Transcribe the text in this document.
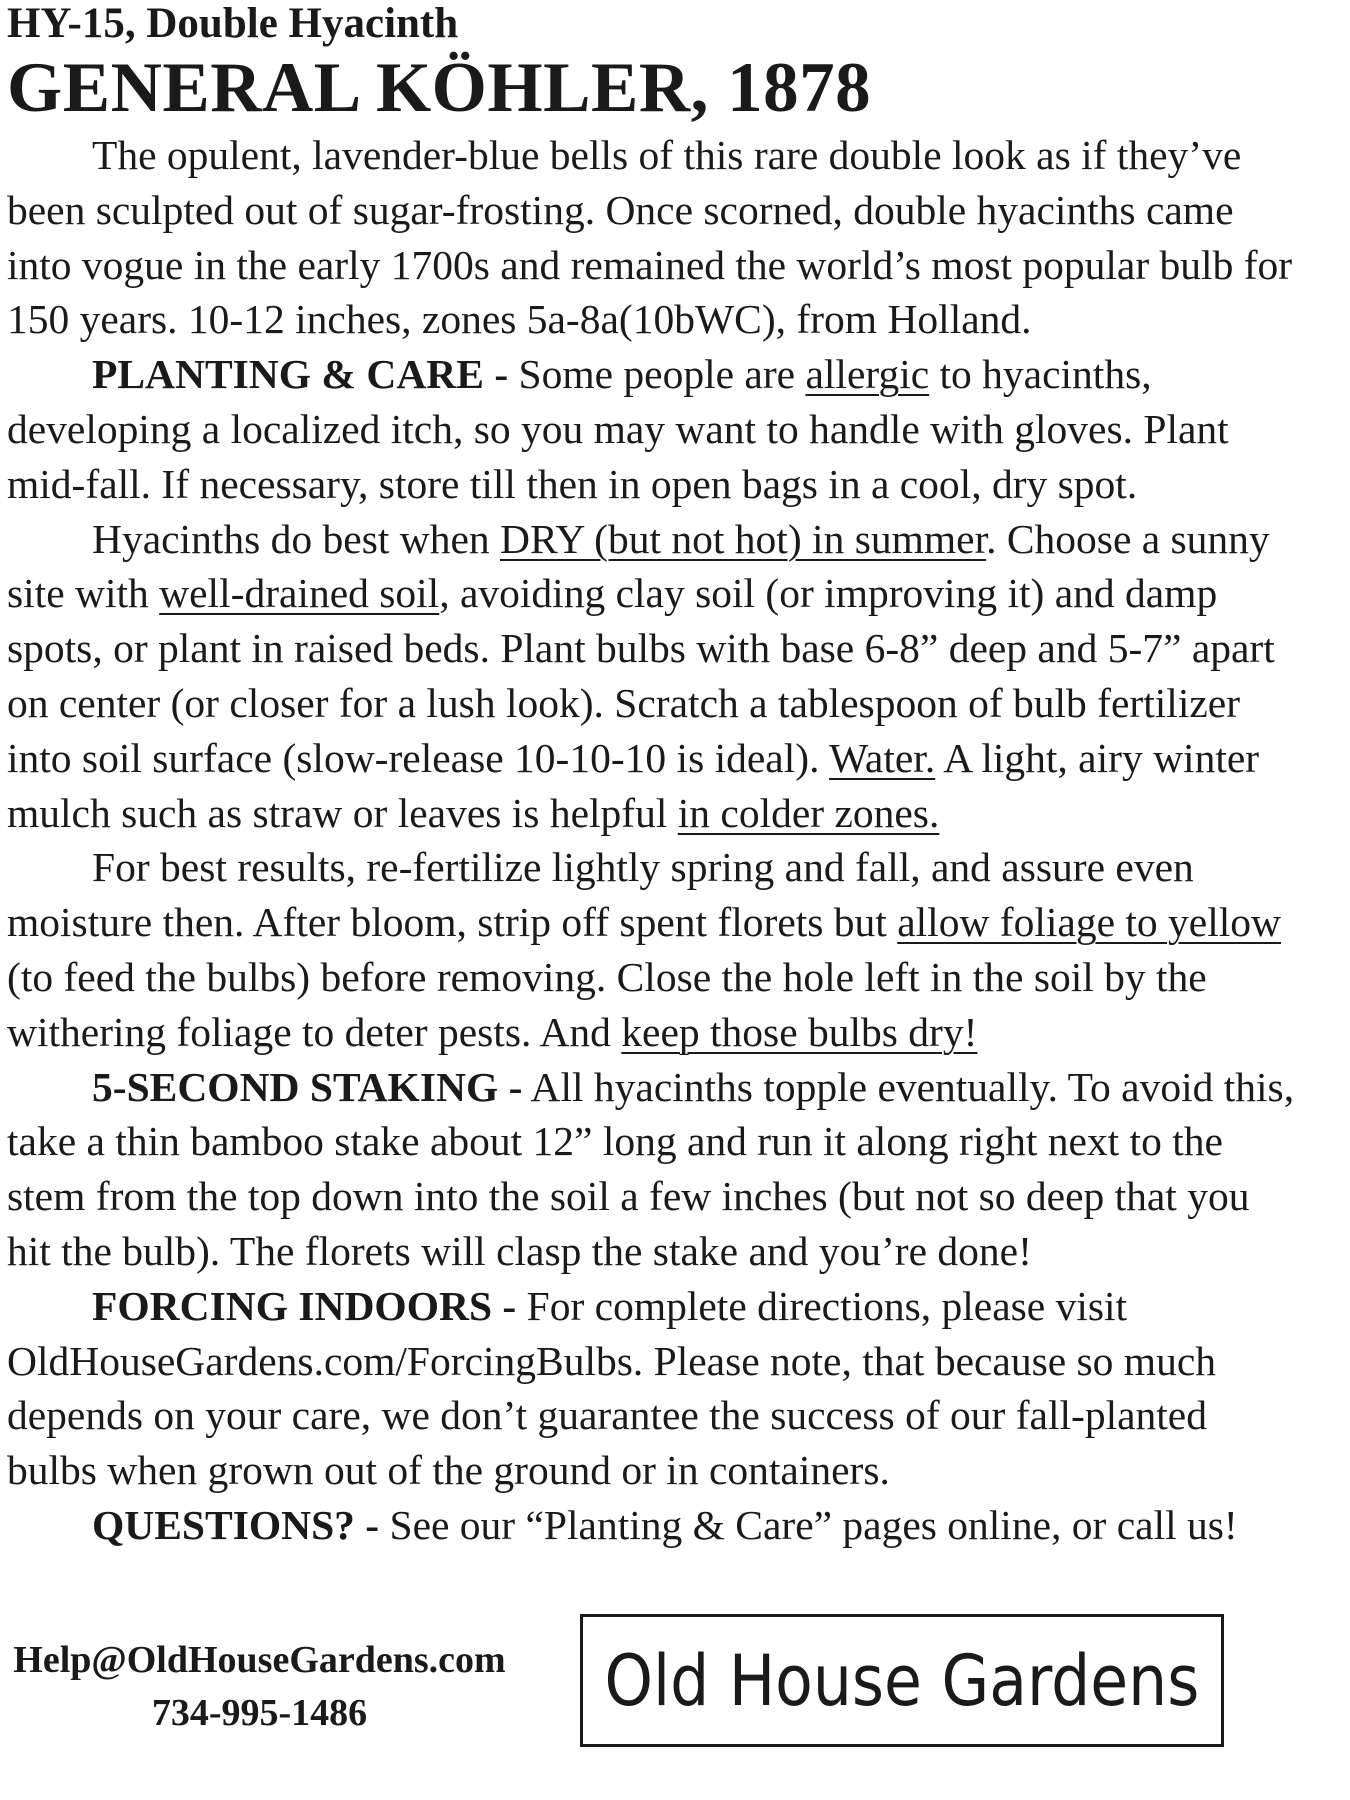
HY-15, Double Hyacinth
GENERAL KÖHLER, 1878

The opulent, lavender-blue bells of this rare double look as if they’ve been sculpted out of sugar-frosting. Once scorned, double hyacinths came into vogue in the early 1700s and remained the world’s most popular bulb for 150 years. 10-12 inches, zones 5a-8a(10bWC), from Holland.

PLANTING & CARE - Some people are allergic to hyacinths, developing a localized itch, so you may want to handle with gloves. Plant mid-fall. If necessary, store till then in open bags in a cool, dry spot.

Hyacinths do best when DRY (but not hot) in summer. Choose a sunny site with well-drained soil, avoiding clay soil (or improving it) and damp spots, or plant in raised beds. Plant bulbs with base 6-8” deep and 5-7” apart on center (or closer for a lush look). Scratch a tablespoon of bulb fertilizer into soil surface (slow-release 10-10-10 is ideal). Water. A light, airy winter mulch such as straw or leaves is helpful in colder zones.

For best results, re-fertilize lightly spring and fall, and assure even moisture then. After bloom, strip off spent florets but allow foliage to yellow (to feed the bulbs) before removing. Close the hole left in the soil by the withering foliage to deter pests. And keep those bulbs dry!

5-SECOND STAKING - All hyacinths topple eventually. To avoid this, take a thin bamboo stake about 12” long and run it along right next to the stem from the top down into the soil a few inches (but not so deep that you hit the bulb). The florets will clasp the stake and you’re done!

FORCING INDOORS - For complete directions, please visit

OldHouseGardens.com/ForcingBulbs. Please note, that because so much depends on your care, we don’t guarantee the success of our fall-planted bulbs when grown out of the ground or in containers.

QUESTIONS? - See our “Planting & Care” pages online, or call us!

Help@OldHouseGardens.com
734-995-1486	Old House Gardens
